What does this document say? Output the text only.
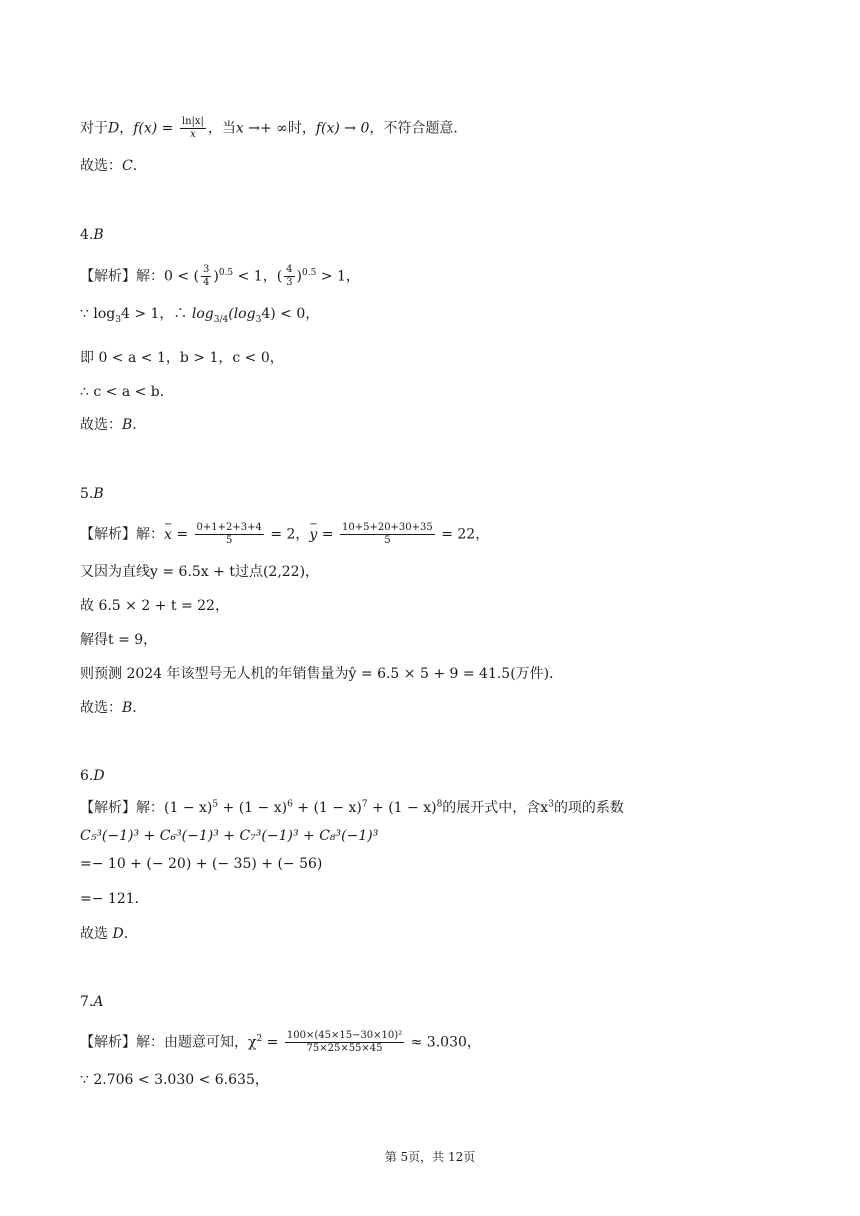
对于D，$f(x) = \frac{\ln|x|}{x}$ ，当x →+ ∞时，f(x) → 0，不符合题意．
故选：C．
4.B
【解析】解：0 < ( $\frac{3}{4} )^{0.5} < 1$，( $\frac{4}{3} )^{0.5} > 1$，
∵ $\log_34 > 1$，∴ $\log_{3/4}(\log_34) < 0$，
即 0 < a < 1，b > 1，c < 0，
∴ c < a < b．
故选：B．
5.B
【解析】解：− $x = \frac{0+1+2+3+4}{5} = 2$，− $y = \frac{10+5+20+30+35}{5} = 22$，
又因为直线y = 6.5x + t过点(2,22)，
故 6.5 × 2 + t = 22，
解得t = 9，
则预测 2024 年该型号无人机的年销售量为ŷ = 6.5 × 5 + 9 = 41.5(万件)．
故选：B．
6.D
【解析】解：$(1 - x)^5 + (1 - x)^6 + (1 - x)^7 + (1 - x)^8$的展开式中，含$x^3$的项的系数
C₅³(−1)³ + C₆³(−1)³ + C₇³(−1)³ + C₈³(−1)³
=− 10 + (− 20) + (− 35) + (− 56)
=− 121．
故选 D．
7.A
【解析】解：由题意可知，$\chi^2 = \frac{\text{100×(45×15−30×10)²}}{75\times 25\times 55\times 45} \approx 3.030$，
∵ 2.706 < 3.030 < 6.635，
第 5页，共 12页
